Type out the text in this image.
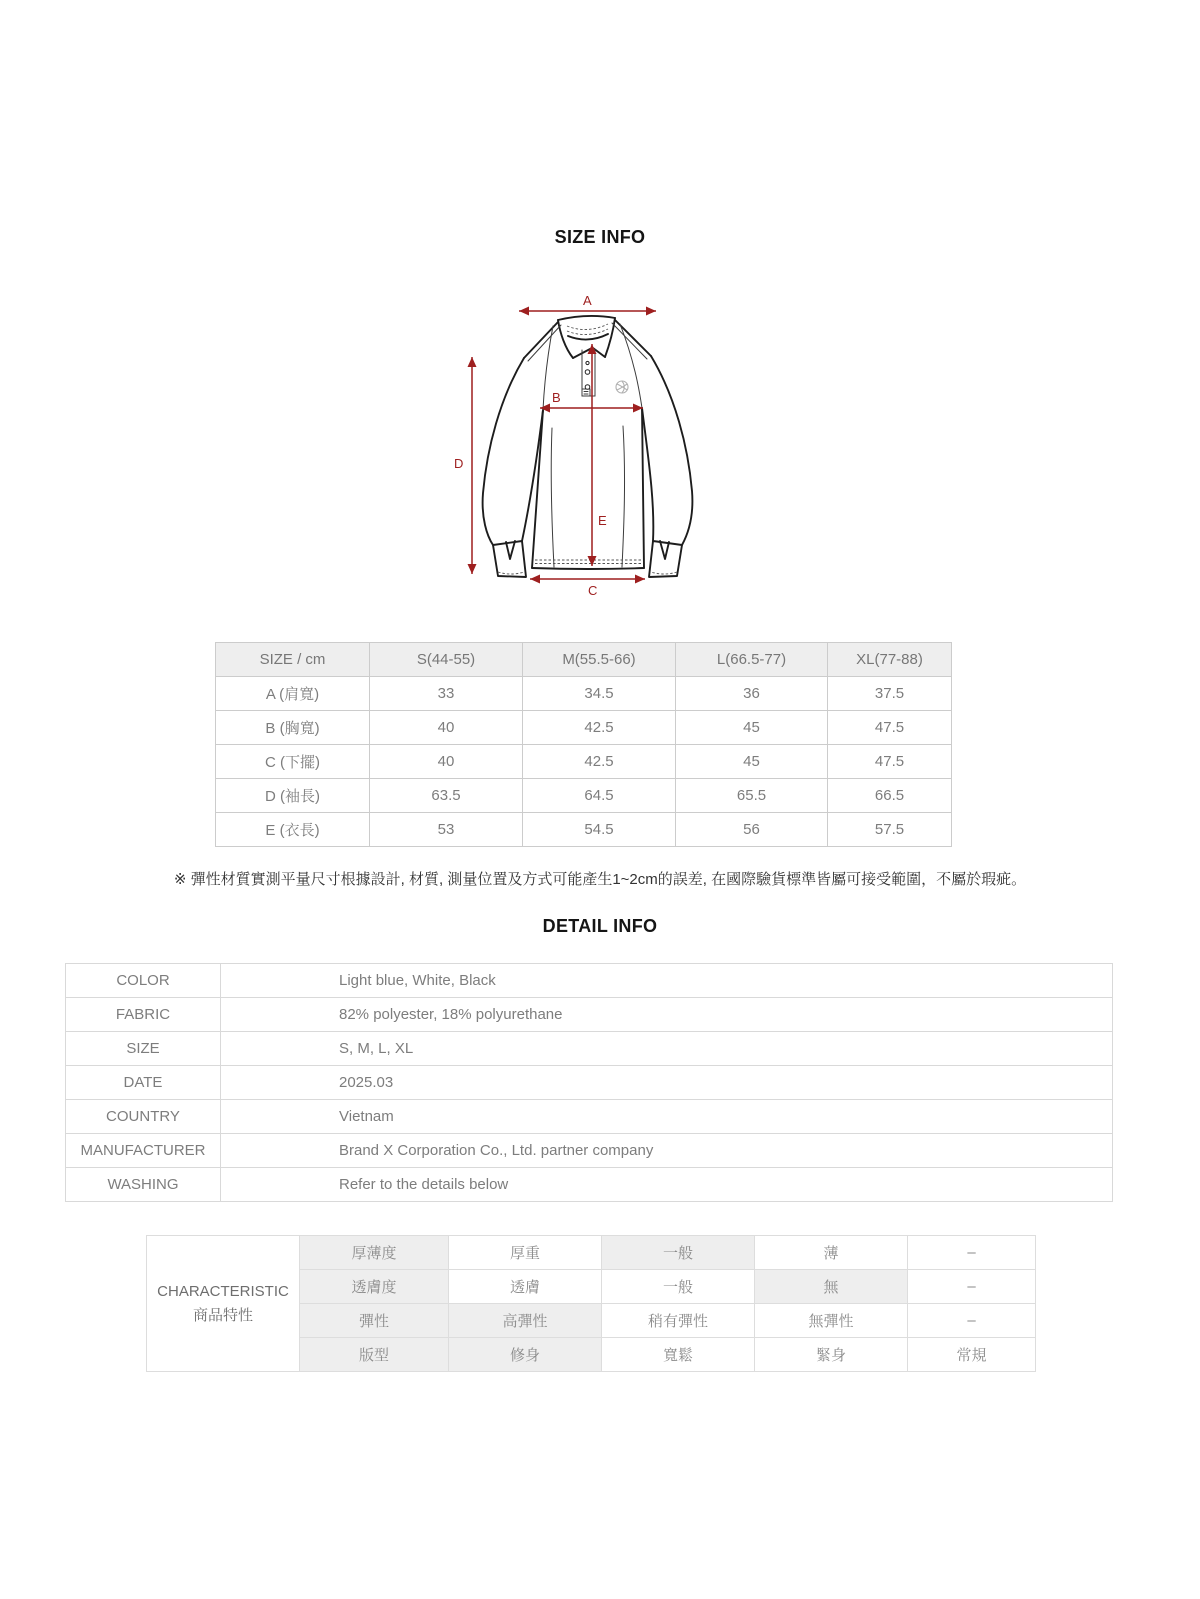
SIZE INFO
A
B
C
D
E
SIZE / cm	S(44-55)	M(55.5-66)	L(66.5-77)	XL(77-88)
A (肩寬)	33	34.5	36	37.5
B (胸寬)	40	42.5	45	47.5
C (下擺)	40	42.5	45	47.5
D (袖長)	63.5	64.5	65.5	66.5
E (衣長)	53	54.5	56	57.5
※ 彈性材質實測平量尺寸根據設計, 材質, 測量位置及方式可能產生1~2cm的誤差, 在國際驗貨標準皆屬可接受範圍，不屬於瑕疵。
DETAIL INFO
COLOR	Light blue, White, Black
FABRIC	82% polyester, 18% polyurethane
SIZE	S, M, L, XL
DATE	2025.03
COUNTRY	Vietnam
MANUFACTURER	Brand X Corporation Co., Ltd. partner company
WASHING	Refer to the details below
CHARACTERISTIC
商品特性	厚薄度	厚重	一般	薄	–
	透膚度	透膚	一般	無	–
	彈性	高彈性	稍有彈性	無彈性	–
	版型	修身	寬鬆	緊身	常規
